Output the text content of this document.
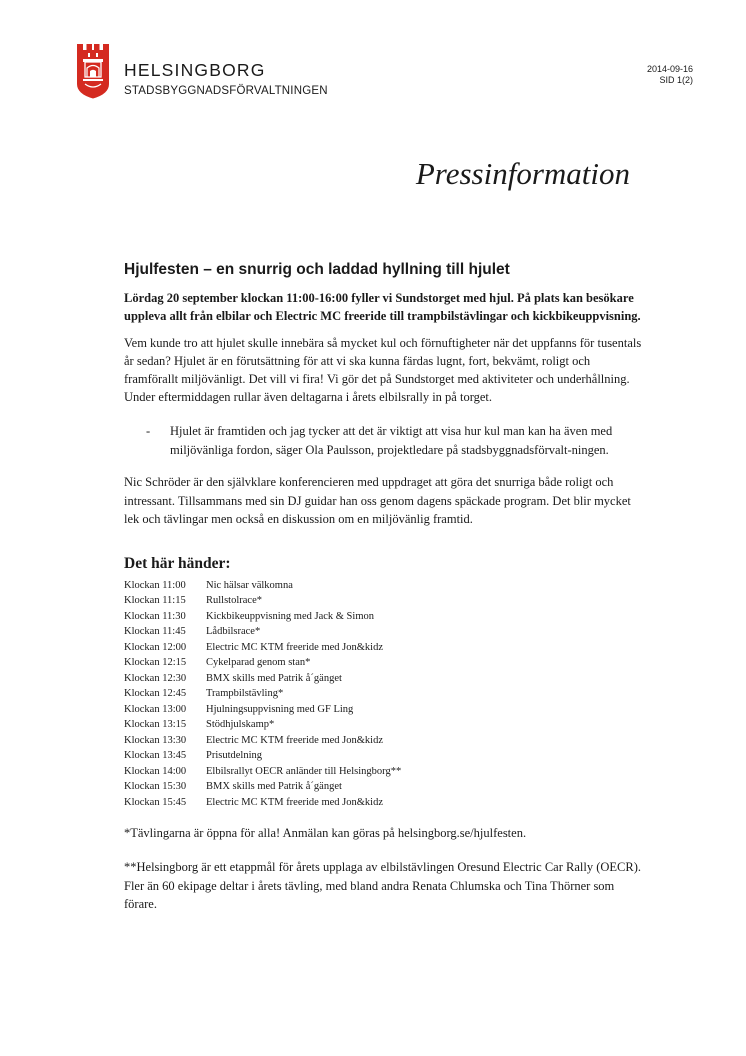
HELSINGBORG
STADSBYGGNADSFÖRVALTNINGEN
2014-09-16
SID 1(2)
Pressinformation
Hjulfesten – en snurrig och laddad hyllning till hjulet

Lördag 20 september klockan 11:00-16:00 fyller vi Sundstorget med hjul. På plats kan besökare uppleva allt från elbilar och Electric MC freeride till trampbilstävlingar och kickbikeuppvisning.

Vem kunde tro att hjulet skulle innebära så mycket kul och förnuftigheter när det uppfanns för tusentals år sedan? Hjulet är en förutsättning för att vi ska kunna färdas lugnt, fort, bekvämt, roligt och framförallt miljövänligt. Det vill vi fira! Vi gör det på Sundstorget med aktiviteter och underhållning. Under eftermiddagen rullar även deltagarna i årets elbilsrally in på torget.

- Hjulet är framtiden och jag tycker att det är viktigt att visa hur kul man kan ha även med miljövänliga fordon, säger Ola Paulsson, projektledare på stadsbyggnadsförvalt-ningen.

Nic Schröder är den självklare konferencieren med uppdraget att göra det snurriga både roligt och intressant. Tillsammans med sin DJ guidar han oss genom dagens späckade program. Det blir mycket lek och tävlingar men också en diskussion om en miljövänlig framtid.

Det här händer:
Klockan 11:00 Nic hälsar välkomna
Klockan 11:15 Rullstolrace*
Klockan 11:30 Kickbikeuppvisning med Jack & Simon
Klockan 11:45 Lådbilsrace*
Klockan 12:00 Electric MC KTM freeride med Jon&kidz
Klockan 12:15 Cykelparad genom stan*
Klockan 12:30 BMX skills med Patrik å´gänget
Klockan 12:45 Trampbilstävling*
Klockan 13:00 Hjulningsuppvisning med GF Ling
Klockan 13:15 Stödhjulskamp*
Klockan 13:30 Electric MC KTM freeride med Jon&kidz
Klockan 13:45 Prisutdelning
Klockan 14:00 Elbilsrallyt OECR anländer till Helsingborg**
Klockan 15:30 BMX skills med Patrik å´gänget
Klockan 15:45 Electric MC KTM freeride med Jon&kidz

*Tävlingarna är öppna för alla! Anmälan kan göras på helsingborg.se/hjulfesten.

**Helsingborg är ett etappmål för årets upplaga av elbilstävlingen Oresund Electric Car Rally (OECR). Fler än 60 ekipage deltar i årets tävling, med bland andra Renata Chlumska och Tina Thörner som förare.
